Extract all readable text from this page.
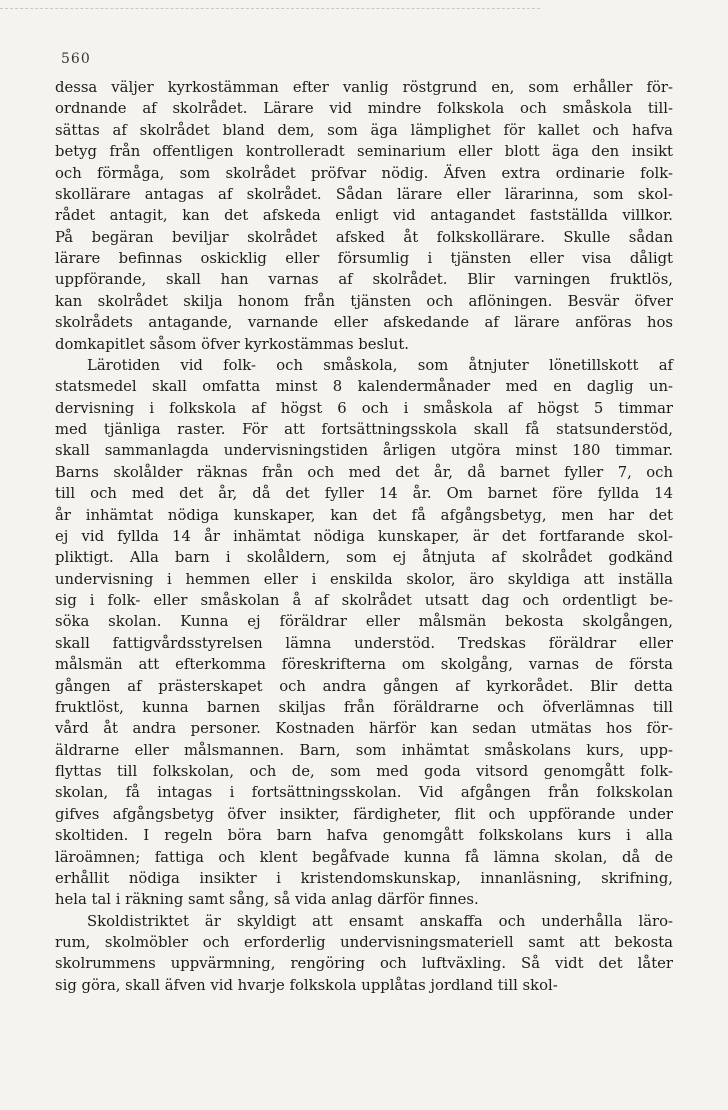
560
dessa väljer kyrkostämman efter vanlig röstgrund en, som erhåller för-
ordnande af skolrådet. Lärare vid mindre folkskola och småskola till-
sättas af skolrådet bland dem, som äga lämplighet för kallet och hafva
betyg från offentligen kontrolleradt seminarium eller blott äga den insikt
och förmåga, som skolrådet pröfvar nödig. Äfven extra ordinarie folk-
skollärare antagas af skolrådet. Sådan lärare eller lärarinna, som skol-
rådet antagit, kan det afskeda enligt vid antagandet fastställda villkor.
På begäran beviljar skolrådet afsked åt folkskollärare. Skulle sådan
lärare befinnas oskicklig eller försumlig i tjänsten eller visa dåligt
uppförande, skall han varnas af skolrådet. Blir varningen fruktlös,
kan skolrådet skilja honom från tjänsten och aflöningen. Besvär öfver
skolrådets antagande, varnande eller afskedande af lärare anföras hos
domkapitlet såsom öfver kyrkostämmas beslut.
Lärotiden vid folk- och småskola, som åtnjuter lönetillskott af
statsmedel skall omfatta minst 8 kalendermånader med en daglig un-
dervisning i folkskola af högst 6 och i småskola af högst 5 timmar
med tjänliga raster. För att fortsättningsskola skall få statsunderstöd,
skall sammanlagda undervisningstiden årligen utgöra minst 180 timmar.
Barns skolålder räknas från och med det år, då barnet fyller 7, och
till och med det år, då det fyller 14 år. Om barnet före fyllda 14
år inhämtat nödiga kunskaper, kan det få afgångsbetyg, men har det
ej vid fyllda 14 år inhämtat nödiga kunskaper, är det fortfarande skol-
pliktigt. Alla barn i skolåldern, som ej åtnjuta af skolrådet godkänd
undervisning i hemmen eller i enskilda skolor, äro skyldiga att inställa
sig i folk- eller småskolan å af skolrådet utsatt dag och ordentligt be-
söka skolan. Kunna ej föräldrar eller målsmän bekosta skolgången,
skall fattigvårdsstyrelsen lämna understöd. Tredskas föräldrar eller
målsmän att efterkomma föreskrifterna om skolgång, varnas de första
gången af prästerskapet och andra gången af kyrkorådet. Blir detta
fruktlöst, kunna barnen skiljas från föräldrarne och öfverlämnas till
vård åt andra personer. Kostnaden härför kan sedan utmätas hos för-
äldrarne eller målsmannen. Barn, som inhämtat småskolans kurs, upp-
flyttas till folkskolan, och de, som med goda vitsord genomgått folk-
skolan, få intagas i fortsättningsskolan. Vid afgången från folkskolan
gifves afgångsbetyg öfver insikter, färdigheter, flit och uppförande under
skoltiden. I regeln böra barn hafva genomgått folkskolans kurs i alla
läroämnen; fattiga och klent begåfvade kunna få lämna skolan, då de
erhållit nödiga insikter i kristendomskunskap, innanläsning, skrifning,
hela tal i räkning samt sång, så vida anlag därför finnes.
Skoldistriktet är skyldigt att ensamt anskaffa och underhålla läro-
rum, skolmöbler och erforderlig undervisningsmateriell samt att bekosta
skolrummens uppvärmning, rengöring och luftväxling. Så vidt det låter
sig göra, skall äfven vid hvarje folkskola upplåtas jordland till skol-
